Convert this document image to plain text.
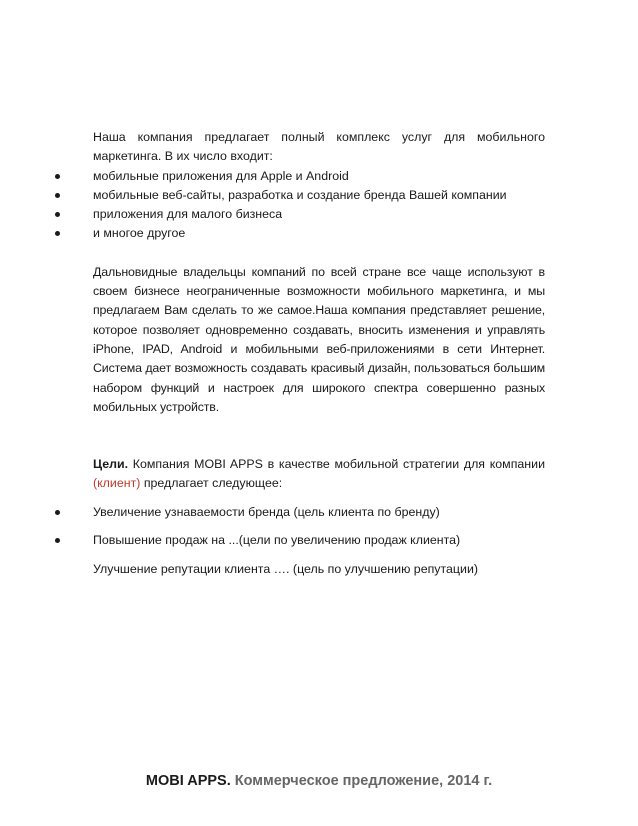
Наша компания предлагает полный комплекс услуг для мобильного маркетинга. В их число входит:

мобильные приложения для Apple и Android
мобильные веб-сайты, разработка и создание бренда Вашей компании
приложения для малого бизнеса
и многое другое

Дальновидные владельцы компаний по всей стране все чаще используют в своем бизнесе неограниченные возможности мобильного маркетинга, и мы предлагаем Вам сделать то же самое.Наша компания представляет решение, которое позволяет одновременно создавать, вносить изменения и управлять iPhone, IPAD, Android и мобильными веб-приложениями в сети Интернет. Система дает возможность создавать красивый дизайн, пользоваться большим набором функций и настроек для широкого спектра совершенно разных мобильных устройств.

Цели. Компания MOBI APPS в качестве мобильной стратегии для компании (клиент) предлагает следующее:

Увеличение узнаваемости бренда (цель клиента по бренду)
Повышение продаж на ...(цели по увеличению продаж клиента)

Улучшение репутации клиента …. (цель по улучшению репутации)

MOBI APPS. Коммерческое предложение, 2014 г.
